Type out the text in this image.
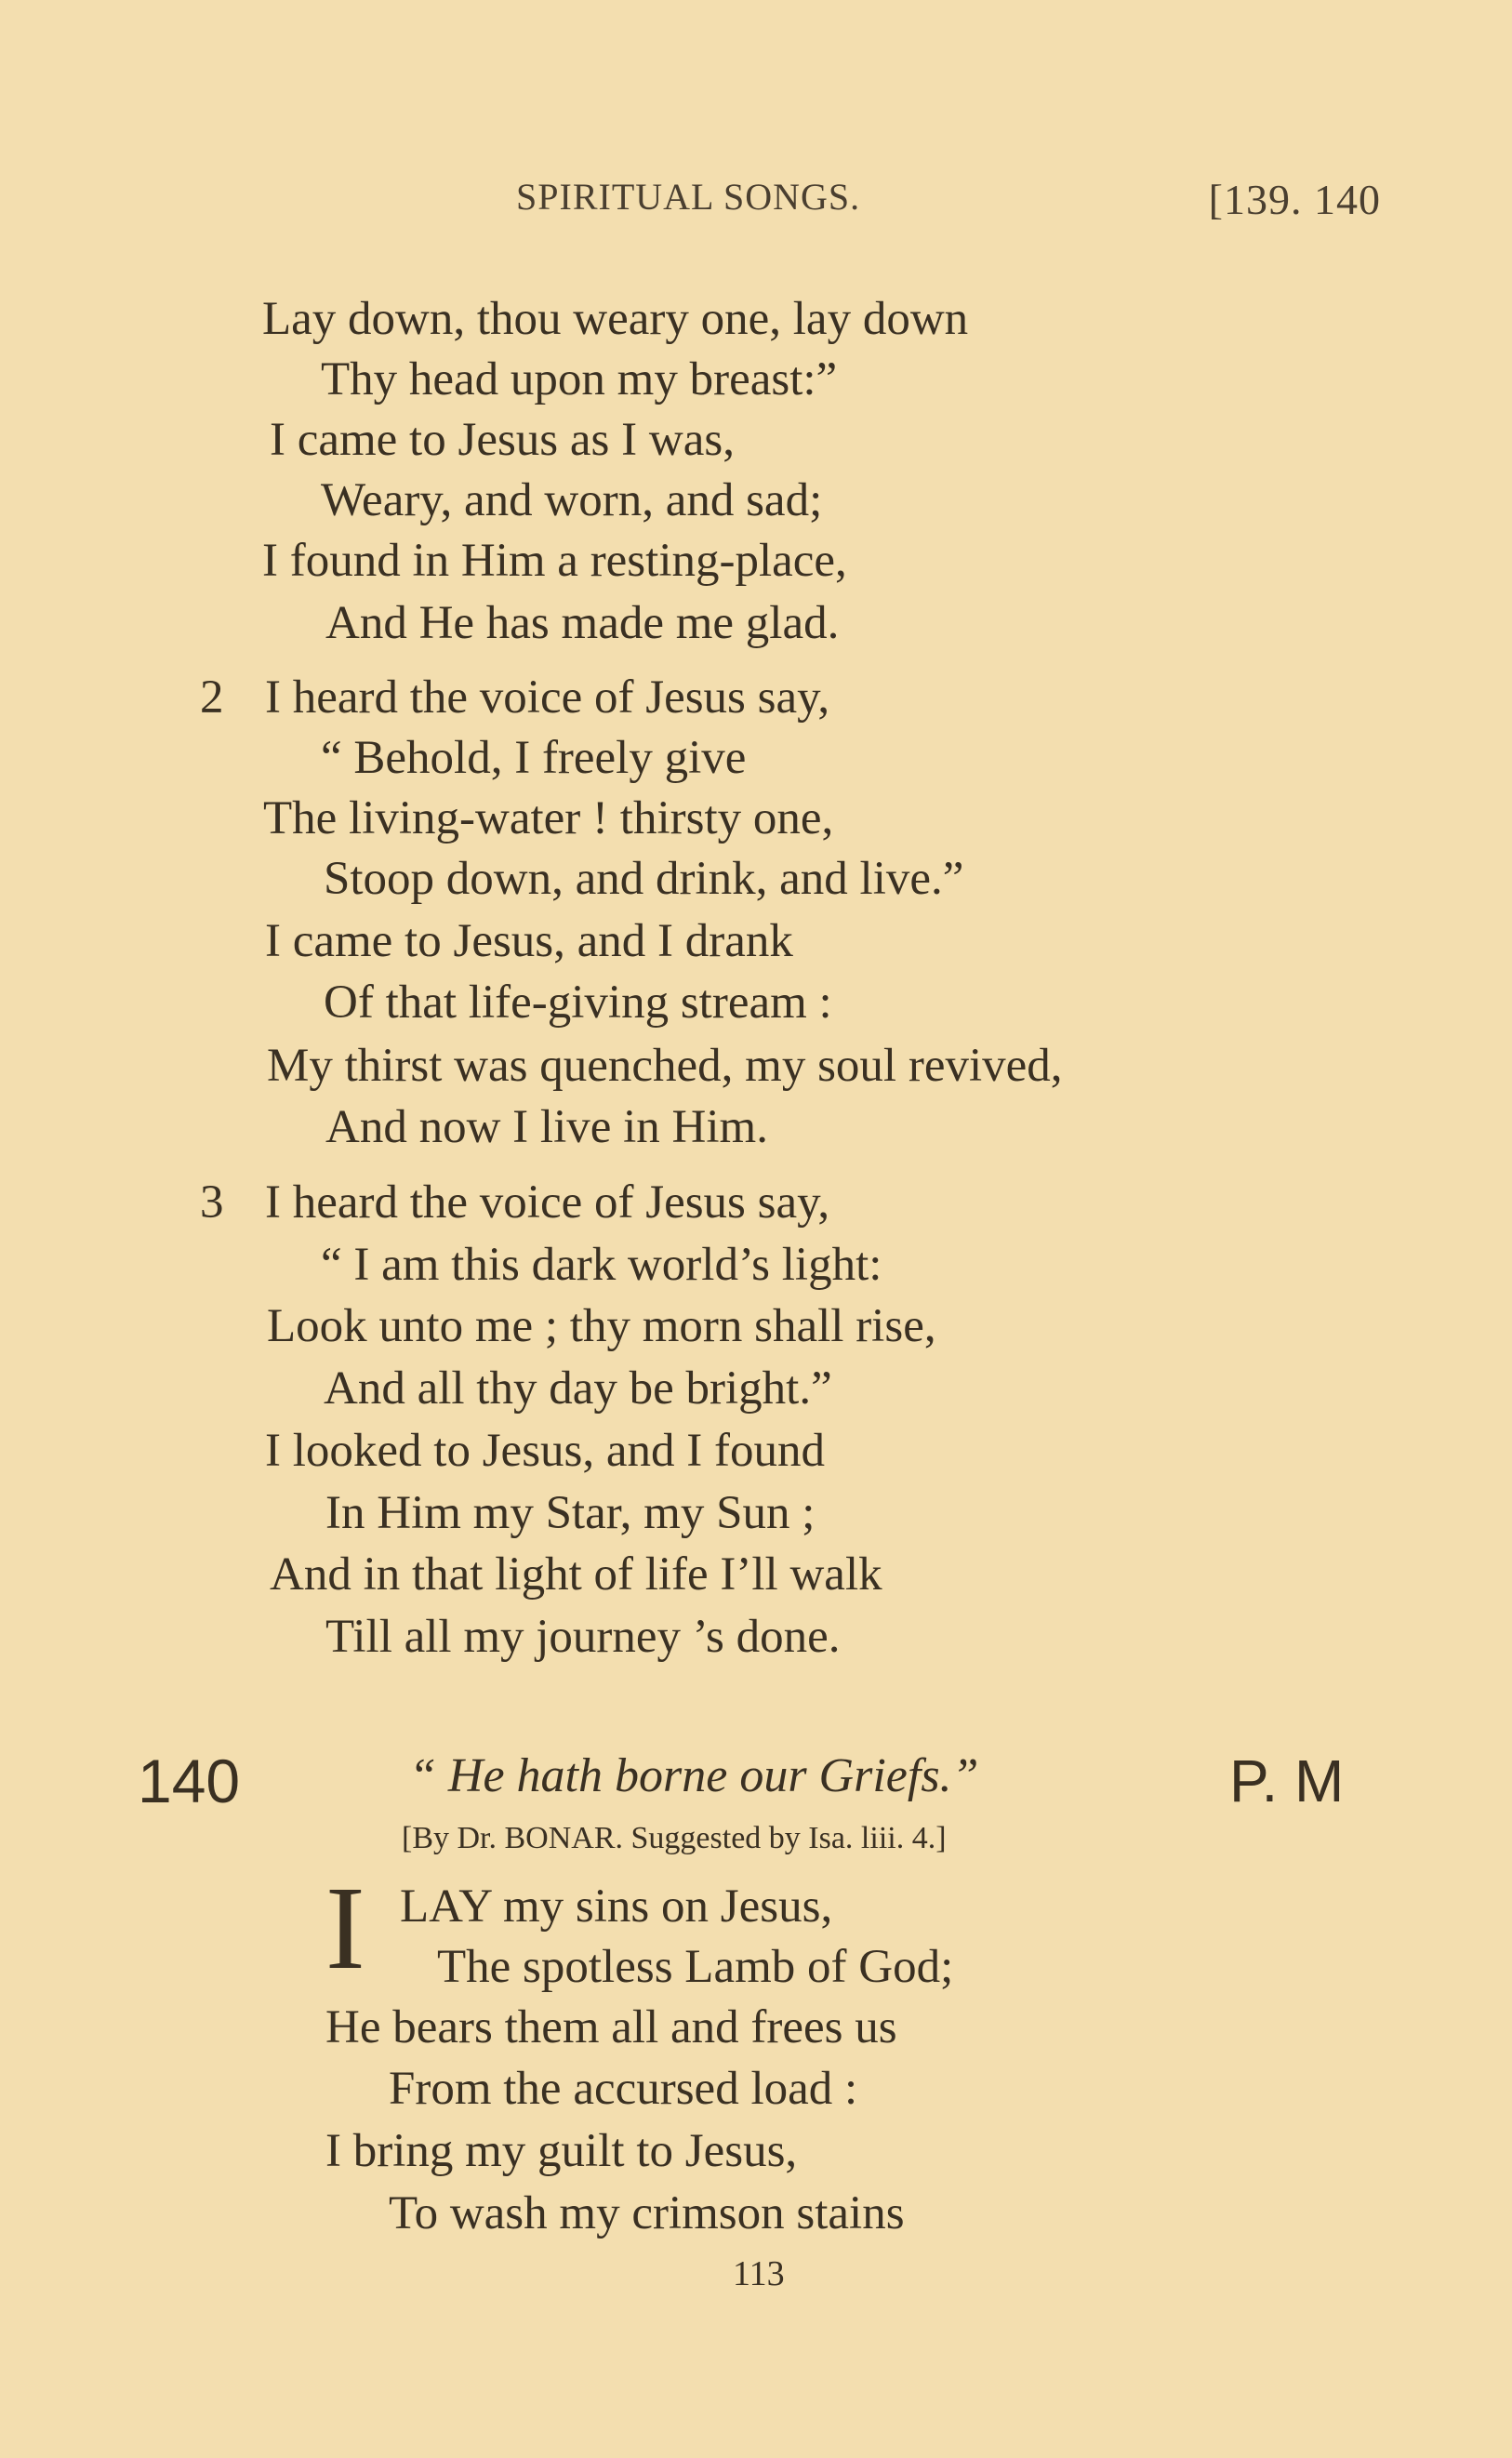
SPIRITUAL SONGS.	[139. 140
Lay down, thou weary one, lay down
Thy head upon my breast:”
I came to Jesus as I was,
Weary, and worn, and sad;
I found in Him a resting-place,
And He has made me glad.
2 I heard the voice of Jesus say,
“ Behold, I freely give
The living-water ! thirsty one,
Stoop down, and drink, and live.”
I came to Jesus, and I drank
Of that life-giving stream :
My thirst was quenched, my soul revived,
And now I live in Him.
3 I heard the voice of Jesus say,
“ I am this dark world’s light:
Look unto me ; thy morn shall rise,
And all thy day be bright.”
I looked to Jesus, and I found
In Him my Star, my Sun ;
And in that light of life I’ll walk
Till all my journey ’s done.
140	“ He hath borne our Griefs.”	P. M
[By Dr. BONAR. Suggested by Isa. liii. 4.]
I LAY my sins on Jesus,
The spotless Lamb of God;
He bears them all and frees us
From the accursed load :
I bring my guilt to Jesus,
To wash my crimson stains
113
